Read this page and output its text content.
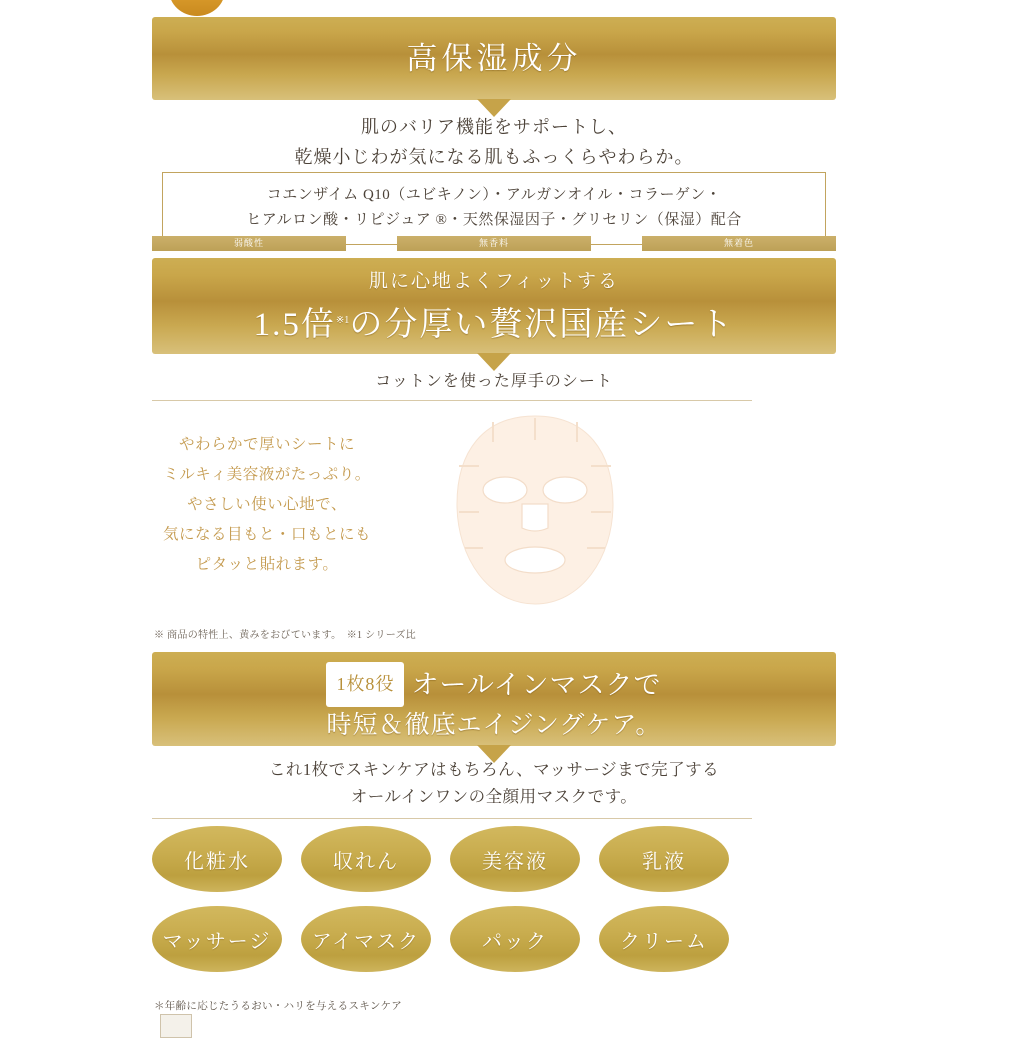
高保湿成分
肌のバリア機能をサポートし、
乾燥小じわが気になる肌もふっくらやわらか。
コエンザイム Q10（ユビキノン）・アルガンオイル・コラーゲン・
ヒアルロン酸・リピジュア ®・天然保湿因子・グリセリン（保湿）配合
弱酸性	無香料	無着色
肌に心地よくフィットする
1.5倍$^{※1}$の分厚い贅沢国産シート
コットンを使った厚手のシート
やわらかで厚いシートに
ミルキィ美容液がたっぷり。
やさしい使い心地で、
気になる目もと・口もとにも
ピタッと貼れます。
※ 商品の特性上、黄みをおびています。　※1 シリーズ比
1枚8役 オールインマスクで
時短＆徹底エイジングケア。
これ1枚でスキンケアはもちろん、マッサージまで完了する
オールインワンの全顔用マスクです。
化粧水	収れん	美容液	乳液
マッサージ	アイマスク	パック	クリーム
＊年齢に応じたうるおい・ハリを与えるスキンケア
